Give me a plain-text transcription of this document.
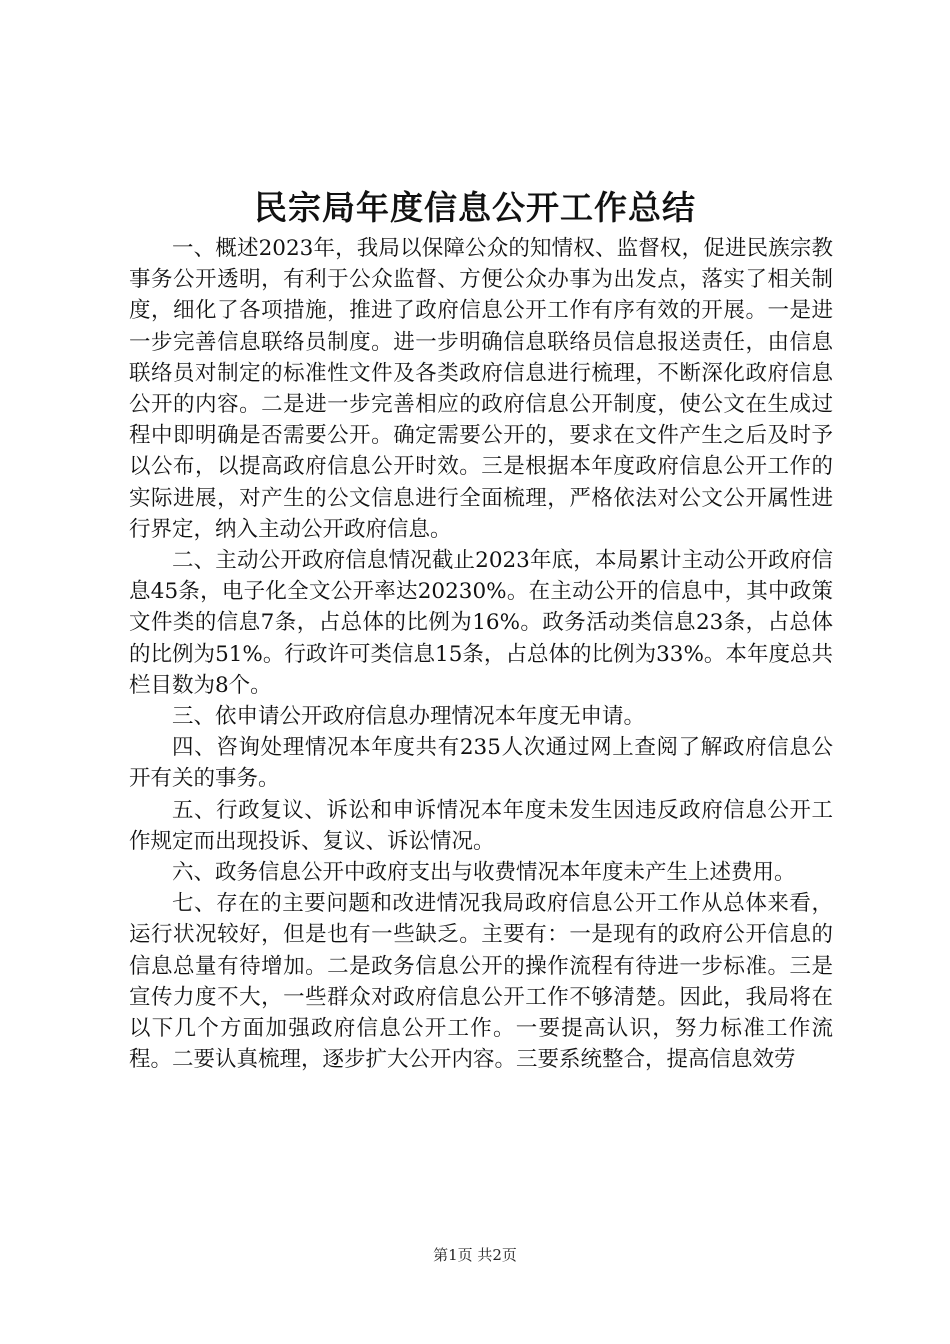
民宗局年度信息公开工作总结

一、概述2023年，我局以保障公众的知情权、监督权，促进民族宗教事务公开透明，有利于公众监督、方便公众办事为出发点，落实了相关制度，细化了各项措施，推进了政府信息公开工作有序有效的开展。一是进一步完善信息联络员制度。进一步明确信息联络员信息报送责任，由信息联络员对制定的标准性文件及各类政府信息进行梳理，不断深化政府信息公开的内容。二是进一步完善相应的政府信息公开制度，使公文在生成过程中即明确是否需要公开。确定需要公开的，要求在文件产生之后及时予以公布，以提高政府信息公开时效。三是根据本年度政府信息公开工作的实际进展，对产生的公文信息进行全面梳理，严格依法对公文公开属性进行界定，纳入主动公开政府信息。

二、主动公开政府信息情况截止2023年底，本局累计主动公开政府信息45条，电子化全文公开率达20230%。在主动公开的信息中，其中政策文件类的信息7条，占总体的比例为16%。政务活动类信息23条，占总体的比例为51%。行政许可类信息15条，占总体的比例为33%。本年度总共栏目数为8个。

三、依申请公开政府信息办理情况本年度无申请。

四、咨询处理情况本年度共有235人次通过网上查阅了解政府信息公开有关的事务。

五、行政复议、诉讼和申诉情况本年度未发生因违反政府信息公开工作规定而出现投诉、复议、诉讼情况。

六、政务信息公开中政府支出与收费情况本年度未产生上述费用。

七、存在的主要问题和改进情况我局政府信息公开工作从总体来看，运行状况较好，但是也有一些缺乏。主要有：一是现有的政府公开信息的信息总量有待增加。二是政务信息公开的操作流程有待进一步标准。三是宣传力度不大，一些群众对政府信息公开工作不够清楚。因此，我局将在以下几个方面加强政府信息公开工作。一要提高认识，努力标准工作流程。二要认真梳理，逐步扩大公开内容。三要系统整合，提高信息效劳

第1页 共2页
